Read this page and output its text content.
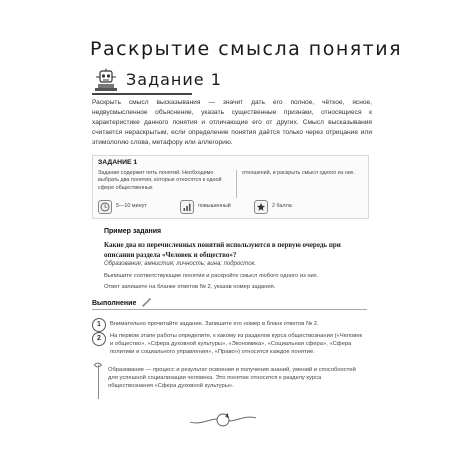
Раскрытие смысла понятия
Задание 1
Раскрыть смысл высказывания — значит дать его полное, чёткое, ясное, недвусмысленное объяснение, указать существенные признаки, относящиеся к характеристике данного понятия и отличающие его от других. Смысл высказывания считается нераскрытым, если определение понятия даётся только через отрицание или этимологию слова, метафору или аллегорию.
ЗАДАНИЕ 1
Задание содержит пять понятий. Необходимо выбрать два понятия, которые относятся к одной сфере общественных
отношений, и раскрыть смысл одного из них.
5—10 минут	повышенный	2 балла
Пример задания
Какие два из перечисленных понятий используются в первую очередь при описании раздела «Человек и общество»?
Образование; амнистия; личность; вина; подросток.
Выпишите соответствующие понятия и раскройте смысл любого одного из них.
Ответ запишите на бланке ответов № 2, указав номер задания.
Выполнение
1	Внимательно прочитайте задание. Запишите его номер в бланк ответов № 2.
2	На первом этапе работы определите, к какому из разделов курса обществознания («Человек и общество», «Сфера духовной культуры», «Экономика», «Социальная сфера», «Сфера политики и социального управления», «Право») относится каждое понятие.
Образование — процесс и результат освоения и получения знаний, умений и способностей для успешной социализации человека. Это понятие относится к разделу курса обществознания «Сфера духовной культуры».
4
